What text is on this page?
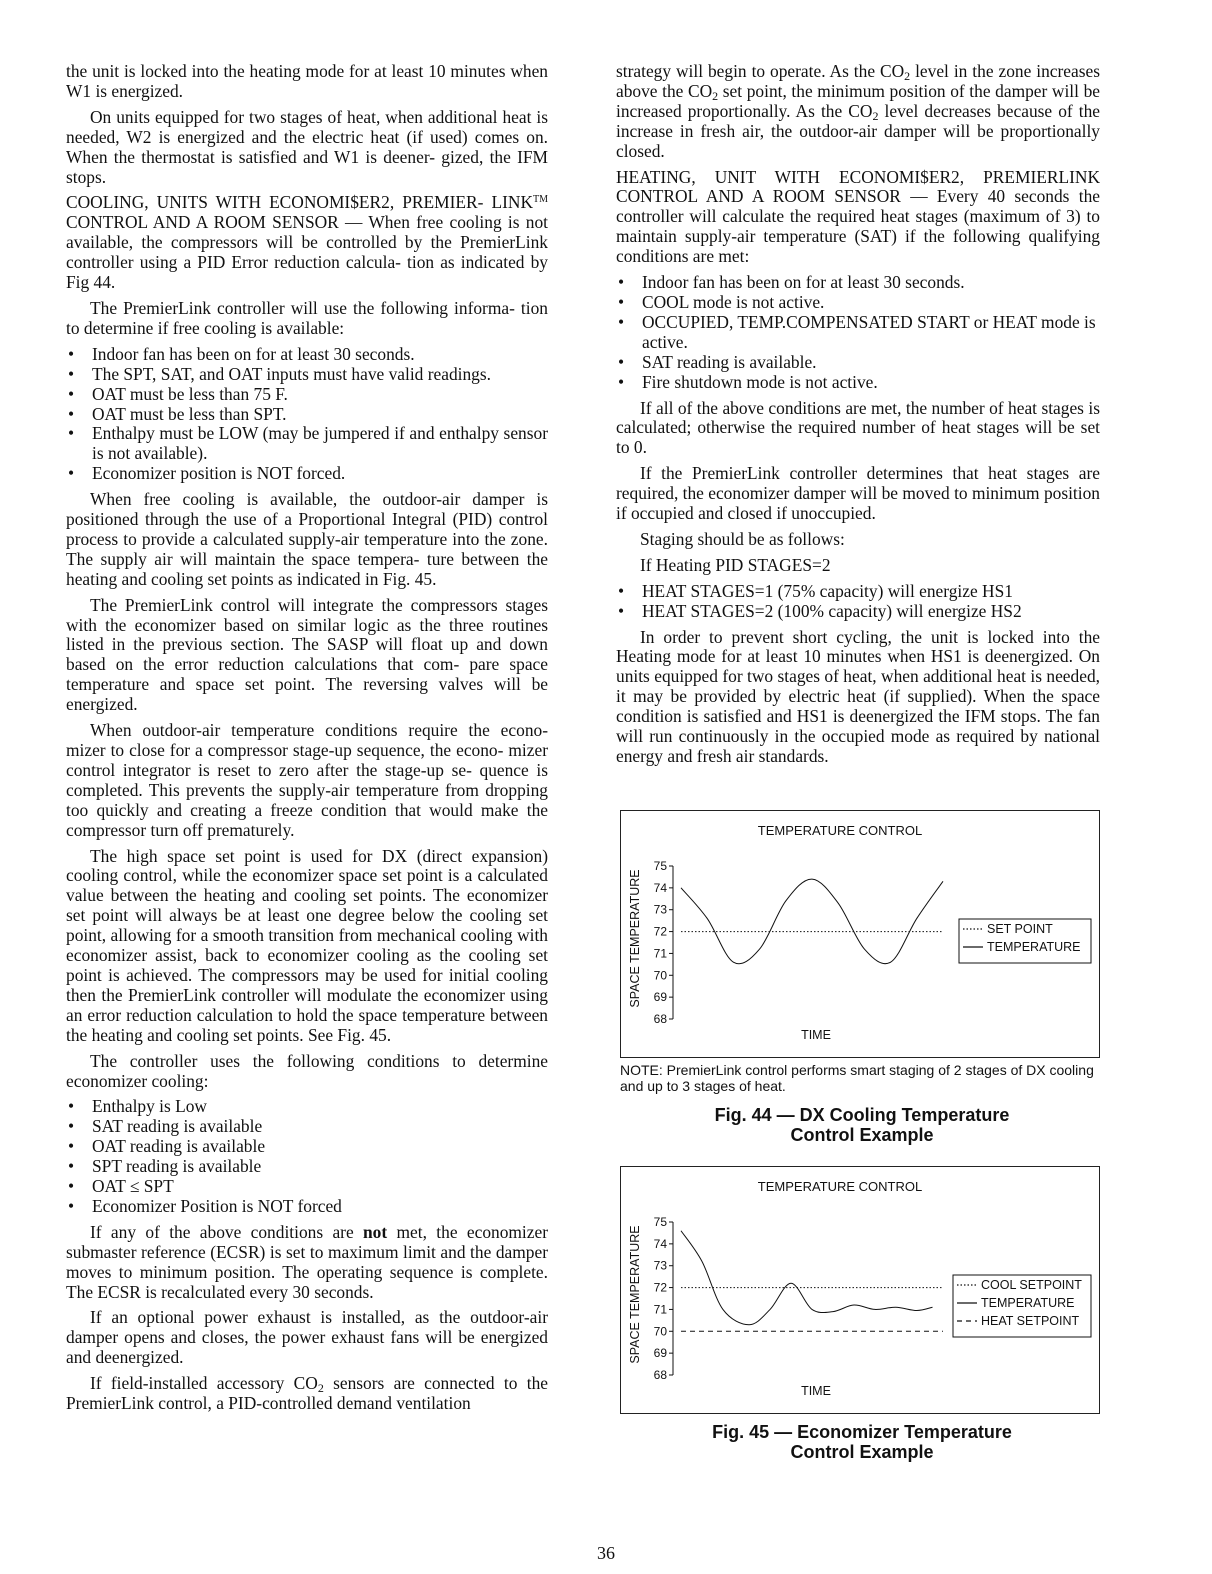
the unit is locked into the heating mode for at least 10 minutes when W1 is energized.

On units equipped for two stages of heat, when additional heat is needed, W2 is energized and the electric heat (if used) comes on. When the thermostat is satisfied and W1 is deener- gized, the IFM stops.

COOLING, UNITS WITH ECONOMI$ER2, PREMIER- LINK™ CONTROL AND A ROOM SENSOR — When free cooling is not available, the compressors will be controlled by the PremierLink controller using a PID Error reduction calcula- tion as indicated by Fig 44.

The PremierLink controller will use the following informa- tion to determine if free cooling is available:

• Indoor fan has been on for at least 30 seconds.
• The SPT, SAT, and OAT inputs must have valid readings.
• OAT must be less than 75 F.
• OAT must be less than SPT.
• Enthalpy must be LOW (may be jumpered if and enthalpy sensor is not available).
• Economizer position is NOT forced.

When free cooling is available, the outdoor-air damper is positioned through the use of a Proportional Integral (PID) control process to provide a calculated supply-air temperature into the zone. The supply air will maintain the space tempera- ture between the heating and cooling set points as indicated in Fig. 45.

The PremierLink control will integrate the compressors stages with the economizer based on similar logic as the three routines listed in the previous section. The SASP will float up and down based on the error reduction calculations that com- pare space temperature and space set point. The reversing valves will be energized.

When outdoor-air temperature conditions require the econo- mizer to close for a compressor stage-up sequence, the econo- mizer control integrator is reset to zero after the stage-up se- quence is completed. This prevents the supply-air temperature from dropping too quickly and creating a freeze condition that would make the compressor turn off prematurely.

The high space set point is used for DX (direct expansion) cooling control, while the economizer space set point is a calculated value between the heating and cooling set points. The economizer set point will always be at least one degree below the cooling set point, allowing for a smooth transition from mechanical cooling with economizer assist, back to economizer cooling as the cooling set point is achieved. The compressors may be used for initial cooling then the PremierLink controller will modulate the economizer using an error reduction calculation to hold the space temperature between the heating and cooling set points. See Fig. 45.

The controller uses the following conditions to determine economizer cooling:

• Enthalpy is Low
• SAT reading is available
• OAT reading is available
• SPT reading is available
• OAT ≤ SPT
• Economizer Position is NOT forced

If any of the above conditions are not met, the economizer submaster reference (ECSR) is set to maximum limit and the damper moves to minimum position. The operating sequence is complete. The ECSR is recalculated every 30 seconds.

If an optional power exhaust is installed, as the outdoor-air damper opens and closes, the power exhaust fans will be energized and deenergized.

If field-installed accessory $CO_2$ sensors are connected to the PremierLink control, a PID-controlled demand ventilation

strategy will begin to operate. As the $CO_2$ level in the zone increases above the $CO_2$ set point, the minimum position of the damper will be increased proportionally. As the $CO_2$ level decreases because of the increase in fresh air, the outdoor-air damper will be proportionally closed.

HEATING, UNIT WITH ECONOMI$ER2, PREMIERLINK CONTROL AND A ROOM SENSOR — Every 40 seconds the controller will calculate the required heat stages (maximum of 3) to maintain supply-air temperature (SAT) if the following qualifying conditions are met:

• Indoor fan has been on for at least 30 seconds.
• COOL mode is not active.
• OCCUPIED, TEMP.COMPENSATED START or HEAT mode is active.
• SAT reading is available.
• Fire shutdown mode is not active.

If all of the above conditions are met, the number of heat stages is calculated; otherwise the required number of heat stages will be set to 0.

If the PremierLink controller determines that heat stages are required, the economizer damper will be moved to minimum position if occupied and closed if unoccupied.

Staging should be as follows:

If Heating PID STAGES=2

• HEAT STAGES=1 (75% capacity) will energize HS1
• HEAT STAGES=2 (100% capacity) will energize HS2

In order to prevent short cycling, the unit is locked into the Heating mode for at least 10 minutes when HS1 is deenergized. On units equipped for two stages of heat, when additional heat is needed, it may be provided by electric heat (if supplied). When the space condition is satisfied and HS1 is deenergized the IFM stops. The fan will run continuously in the occupied mode as required by national energy and fresh air standards.

TEMPERATURE CONTROL
SPACE TEMPERATURE
75
74
73
72
71
70
69
68
TIME
SET POINT
TEMPERATURE
NOTE: PremierLink control performs smart staging of 2 stages of DX cooling and up to 3 stages of heat.
Fig. 44 — DX Cooling Temperature
Control Example
TEMPERATURE CONTROL
SPACE TEMPERATURE
75
74
73
72
71
70
69
68
TIME
COOL SETPOINT
TEMPERATURE
HEAT SETPOINT
Fig. 45 — Economizer Temperature
Control Example
36
